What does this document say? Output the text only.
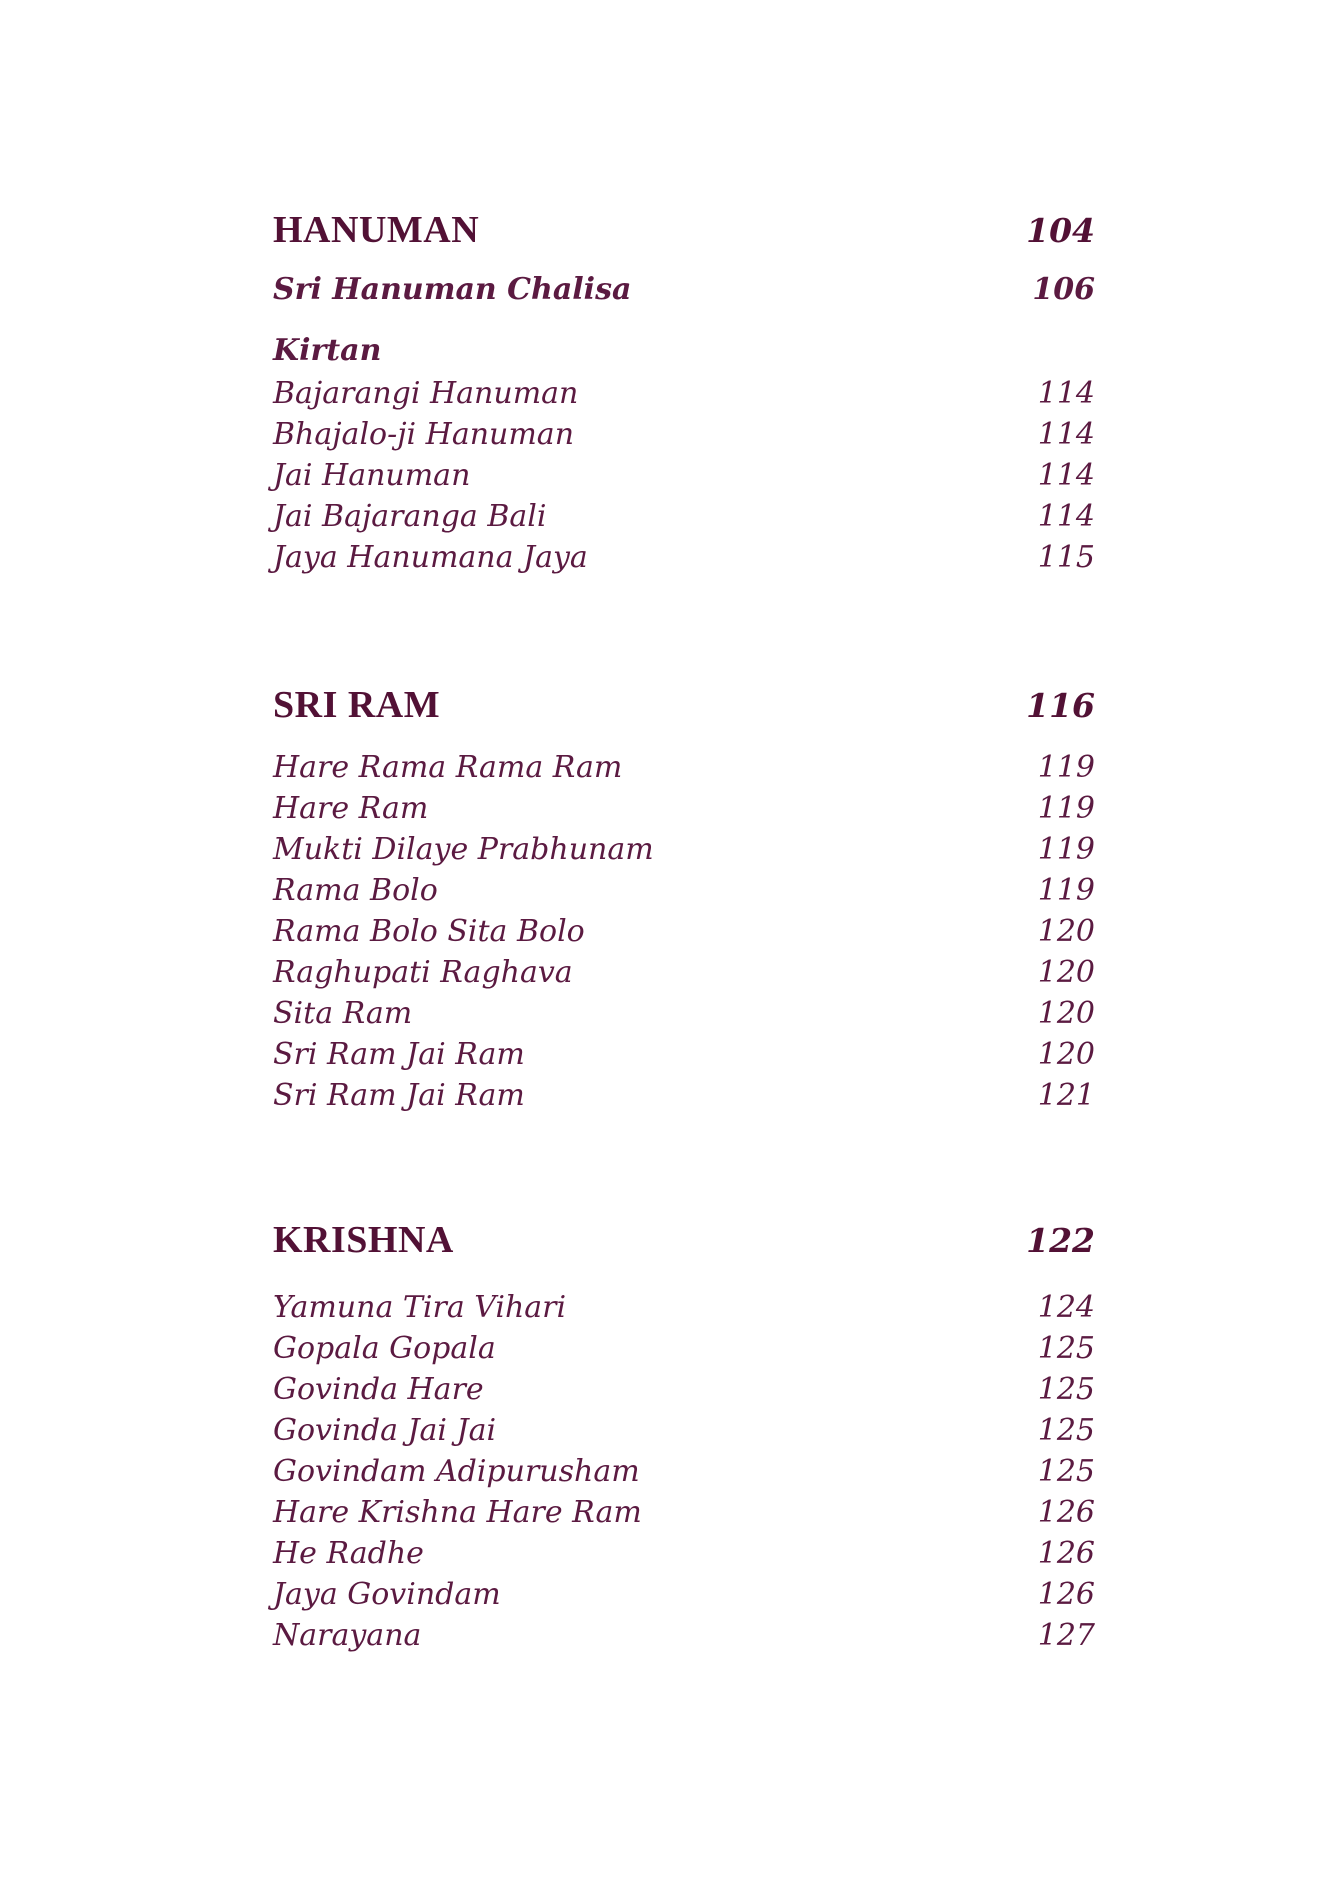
HANUMAN	104
Sri Hanuman Chalisa	106
Kirtan
Bajarangi Hanuman	114
Bhajalo-ji Hanuman	114
Jai Hanuman	114
Jai Bajaranga Bali	114
Jaya Hanumana Jaya	115
SRI RAM	116
Hare Rama Rama Ram	119
Hare Ram	119
Mukti Dilaye Prabhunam	119
Rama Bolo	119
Rama Bolo Sita Bolo	120
Raghupati Raghava	120
Sita Ram	120
Sri Ram Jai Ram	120
Sri Ram Jai Ram	121
KRISHNA	122
Yamuna Tira Vihari	124
Gopala Gopala	125
Govinda Hare	125
Govinda Jai Jai	125
Govindam Adipurusham	125
Hare Krishna Hare Ram	126
He Radhe	126
Jaya Govindam	126
Narayana	127
